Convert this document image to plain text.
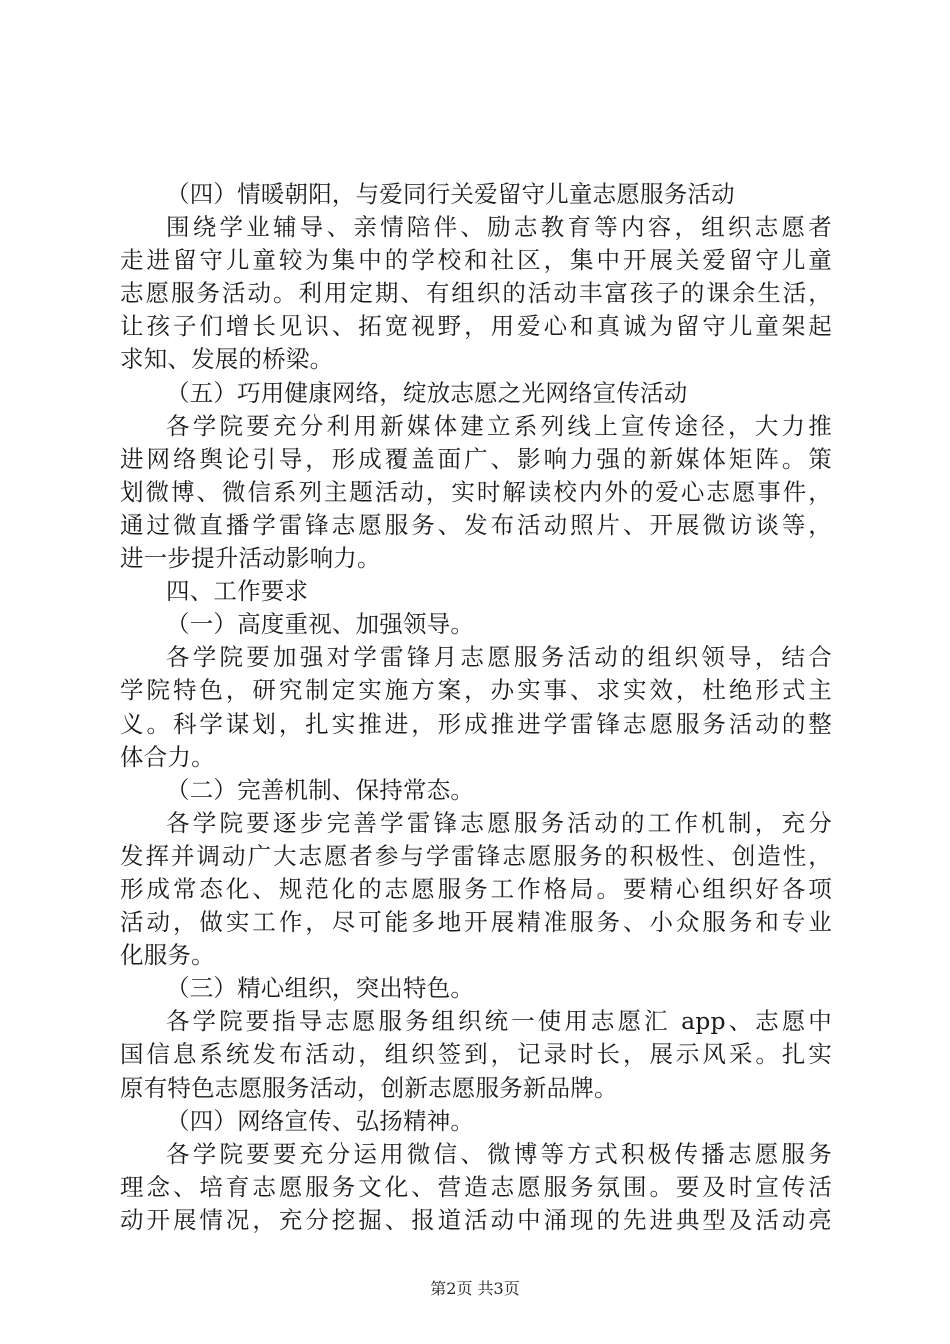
（四）情暖朝阳，与爱同行关爱留守儿童志愿服务活动
围绕学业辅导、亲情陪伴、励志教育等内容，组织志愿者
走进留守儿童较为集中的学校和社区，集中开展关爱留守儿童
志愿服务活动。利用定期、有组织的活动丰富孩子的课余生活，
让孩子们增长见识、拓宽视野，用爱心和真诚为留守儿童架起
求知、发展的桥梁。
（五）巧用健康网络，绽放志愿之光网络宣传活动
各学院要充分利用新媒体建立系列线上宣传途径，大力推
进网络舆论引导，形成覆盖面广、影响力强的新媒体矩阵。策
划微博、微信系列主题活动，实时解读校内外的爱心志愿事件，
通过微直播学雷锋志愿服务、发布活动照片、开展微访谈等，
进一步提升活动影响力。
四、工作要求
（一）高度重视、加强领导。
各学院要加强对学雷锋月志愿服务活动的组织领导，结合
学院特色，研究制定实施方案，办实事、求实效，杜绝形式主
义。科学谋划，扎实推进，形成推进学雷锋志愿服务活动的整
体合力。
（二）完善机制、保持常态。
各学院要逐步完善学雷锋志愿服务活动的工作机制，充分
发挥并调动广大志愿者参与学雷锋志愿服务的积极性、创造性，
形成常态化、规范化的志愿服务工作格局。要精心组织好各项
活动，做实工作，尽可能多地开展精准服务、小众服务和专业
化服务。
（三）精心组织，突出特色。
各学院要指导志愿服务组织统一使用志愿汇 app、志愿中
国信息系统发布活动，组织签到，记录时长，展示风采。扎实
原有特色志愿服务活动，创新志愿服务新品牌。
（四）网络宣传、弘扬精神。
各学院要要充分运用微信、微博等方式积极传播志愿服务
理念、培育志愿服务文化、营造志愿服务氛围。要及时宣传活
动开展情况，充分挖掘、报道活动中涌现的先进典型及活动亮
第2页 共3页
